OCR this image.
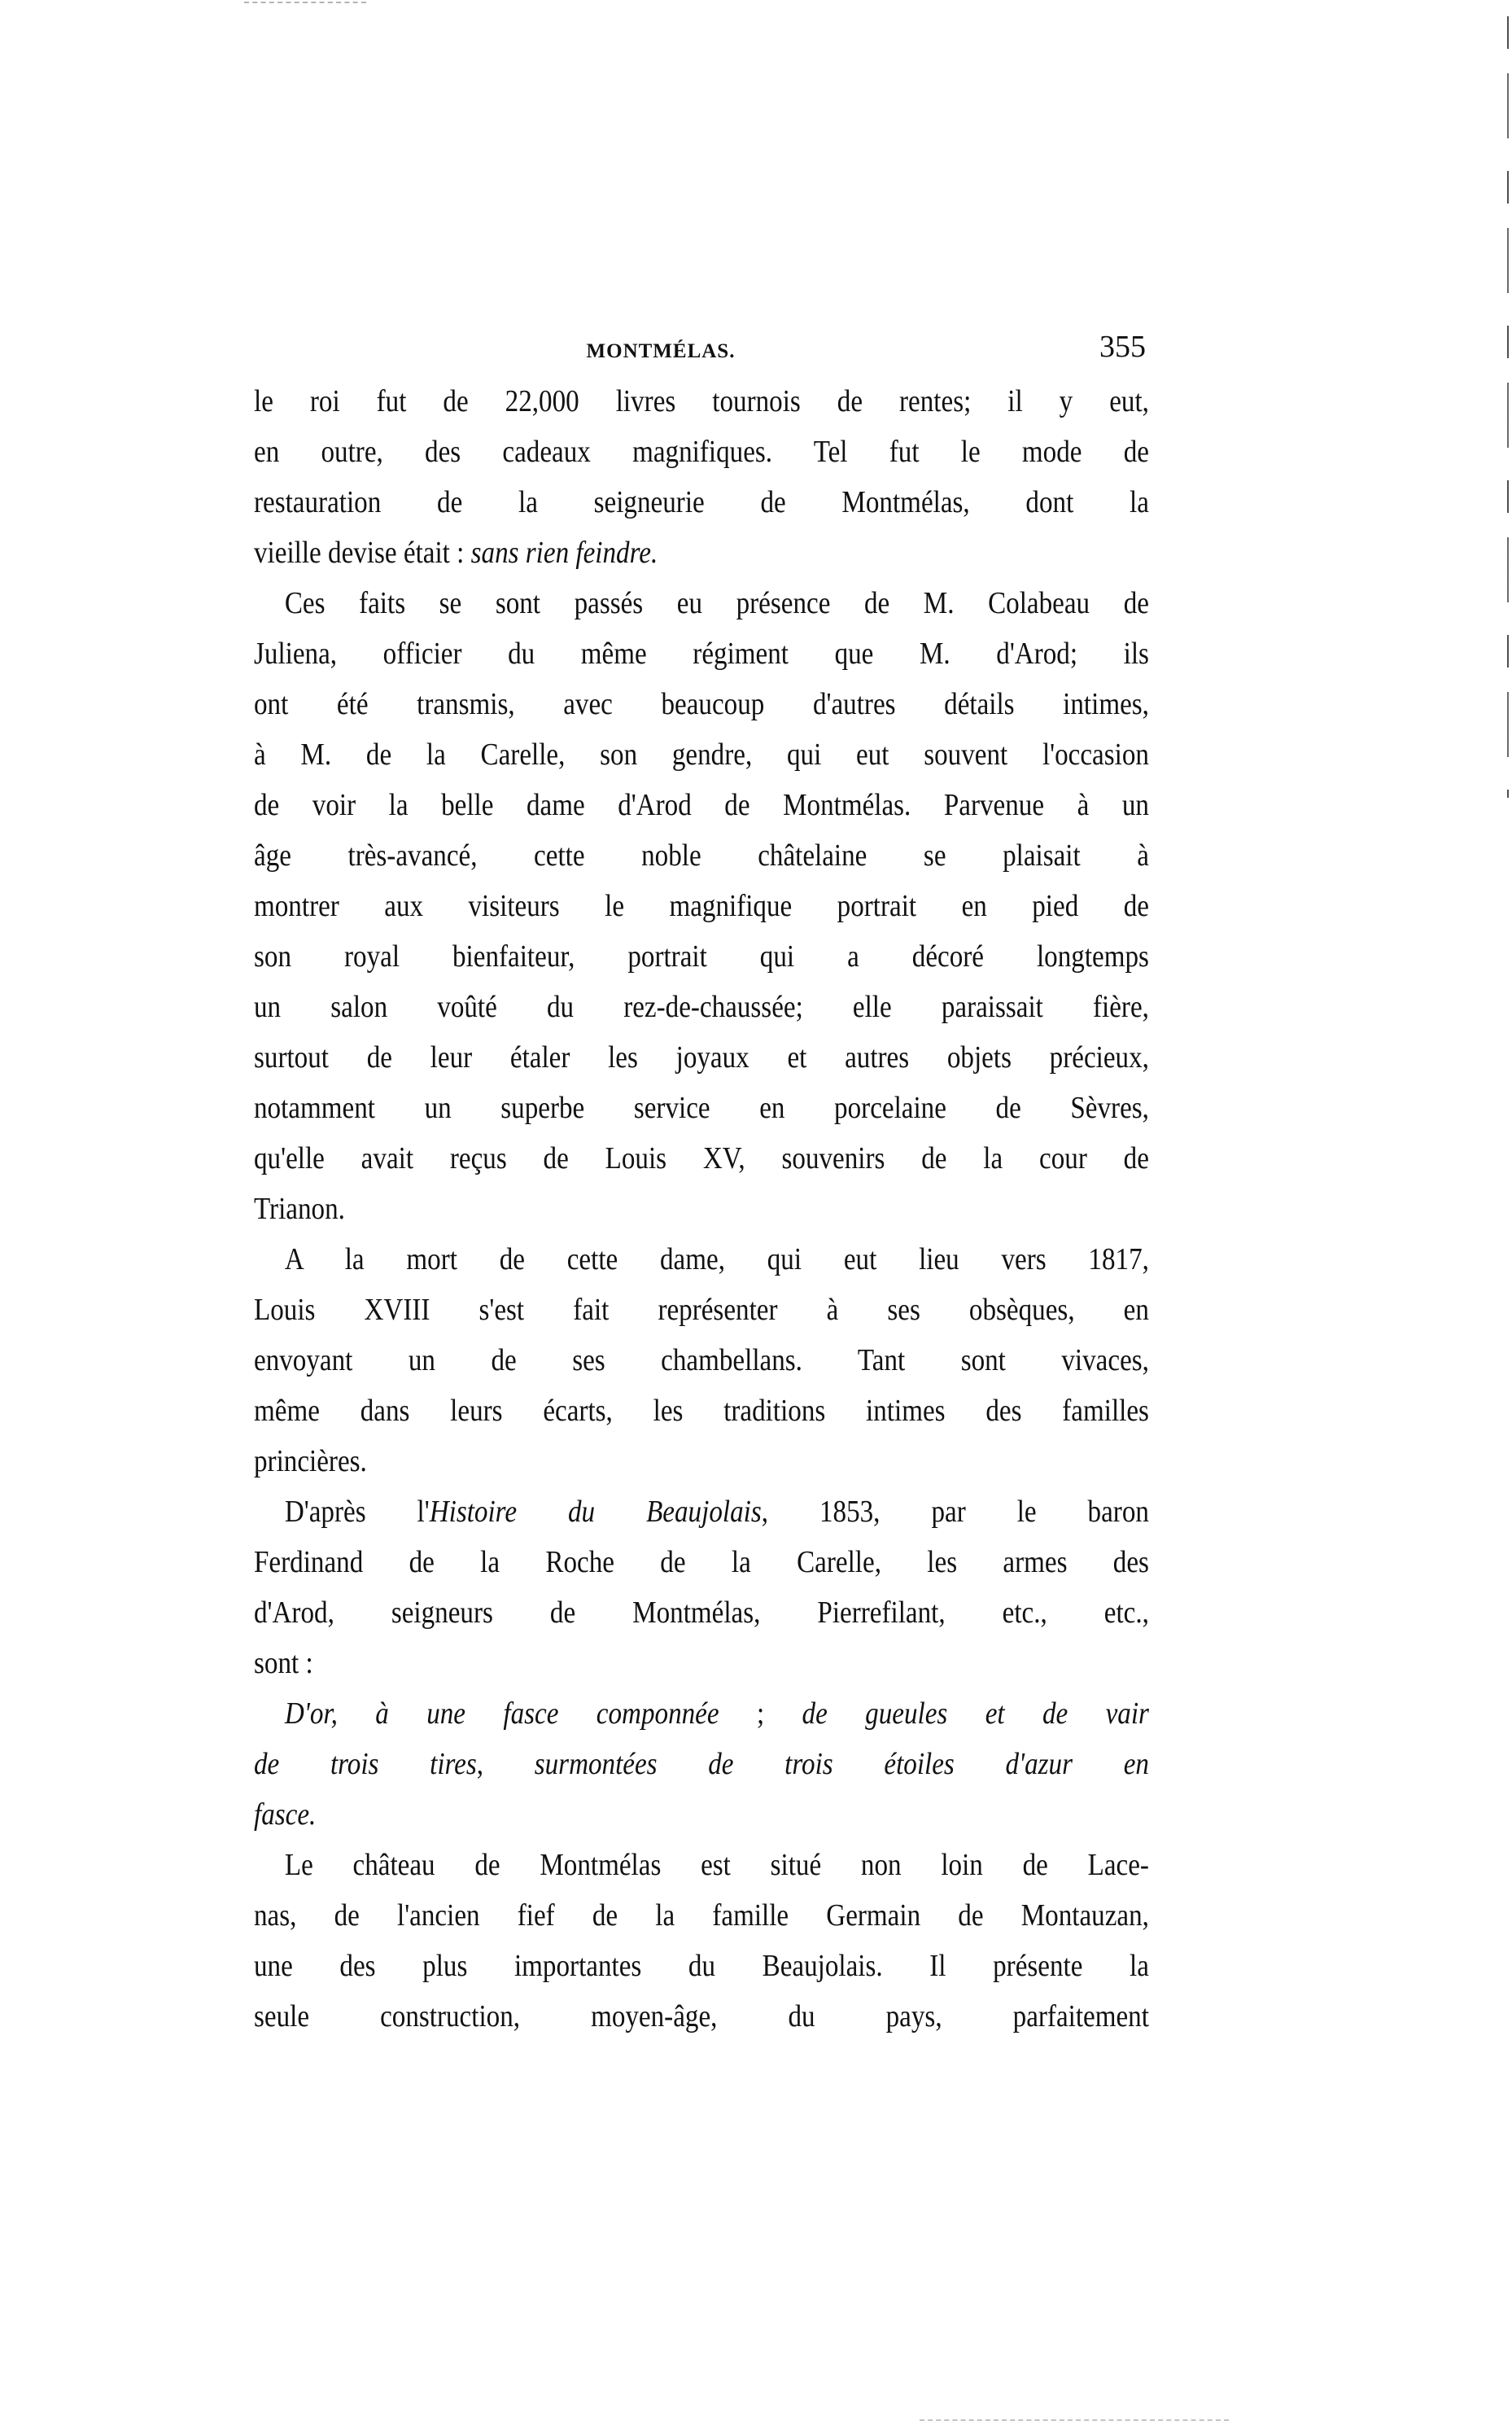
MONTMÉLAS.	355
le roi fut de 22,000 livres tournois de rentes; il y eut,
en outre, des cadeaux magnifiques. Tel fut le mode de
restauration de la seigneurie de Montmélas, dont la
vieille devise était : sans rien feindre.
Ces faits se sont passés eu présence de M. Colabeau de
Juliena, officier du même régiment que M. d'Arod; ils
ont été transmis, avec beaucoup d'autres détails intimes,
à M. de la Carelle, son gendre, qui eut souvent l'occasion
de voir la belle dame d'Arod de Montmélas. Parvenue à un
âge très-avancé, cette noble châtelaine se plaisait à
montrer aux visiteurs le magnifique portrait en pied de
son royal bienfaiteur, portrait qui a décoré longtemps
un salon voûté du rez-de-chaussée; elle paraissait fière,
surtout de leur étaler les joyaux et autres objets précieux,
notamment un superbe service en porcelaine de Sèvres,
qu'elle avait reçus de Louis XV, souvenirs de la cour de
Trianon.
A la mort de cette dame, qui eut lieu vers 1817,
Louis XVIII s'est fait représenter à ses obsèques, en
envoyant un de ses chambellans. Tant sont vivaces,
même dans leurs écarts, les traditions intimes des familles
princières.
D'après l'Histoire du Beaujolais, 1853, par le baron
Ferdinand de la Roche de la Carelle, les armes des
d'Arod, seigneurs de Montmélas, Pierrefilant, etc., etc.,
sont :
D'or, à une fasce componnée ; de gueules et de vair
de trois tires, surmontées de trois étoiles d'azur en
fasce.
Le château de Montmélas est situé non loin de Lace-
nas, de l'ancien fief de la famille Germain de Montauzan,
une des plus importantes du Beaujolais. Il présente la
seule construction, moyen-âge, du pays, parfaitement
